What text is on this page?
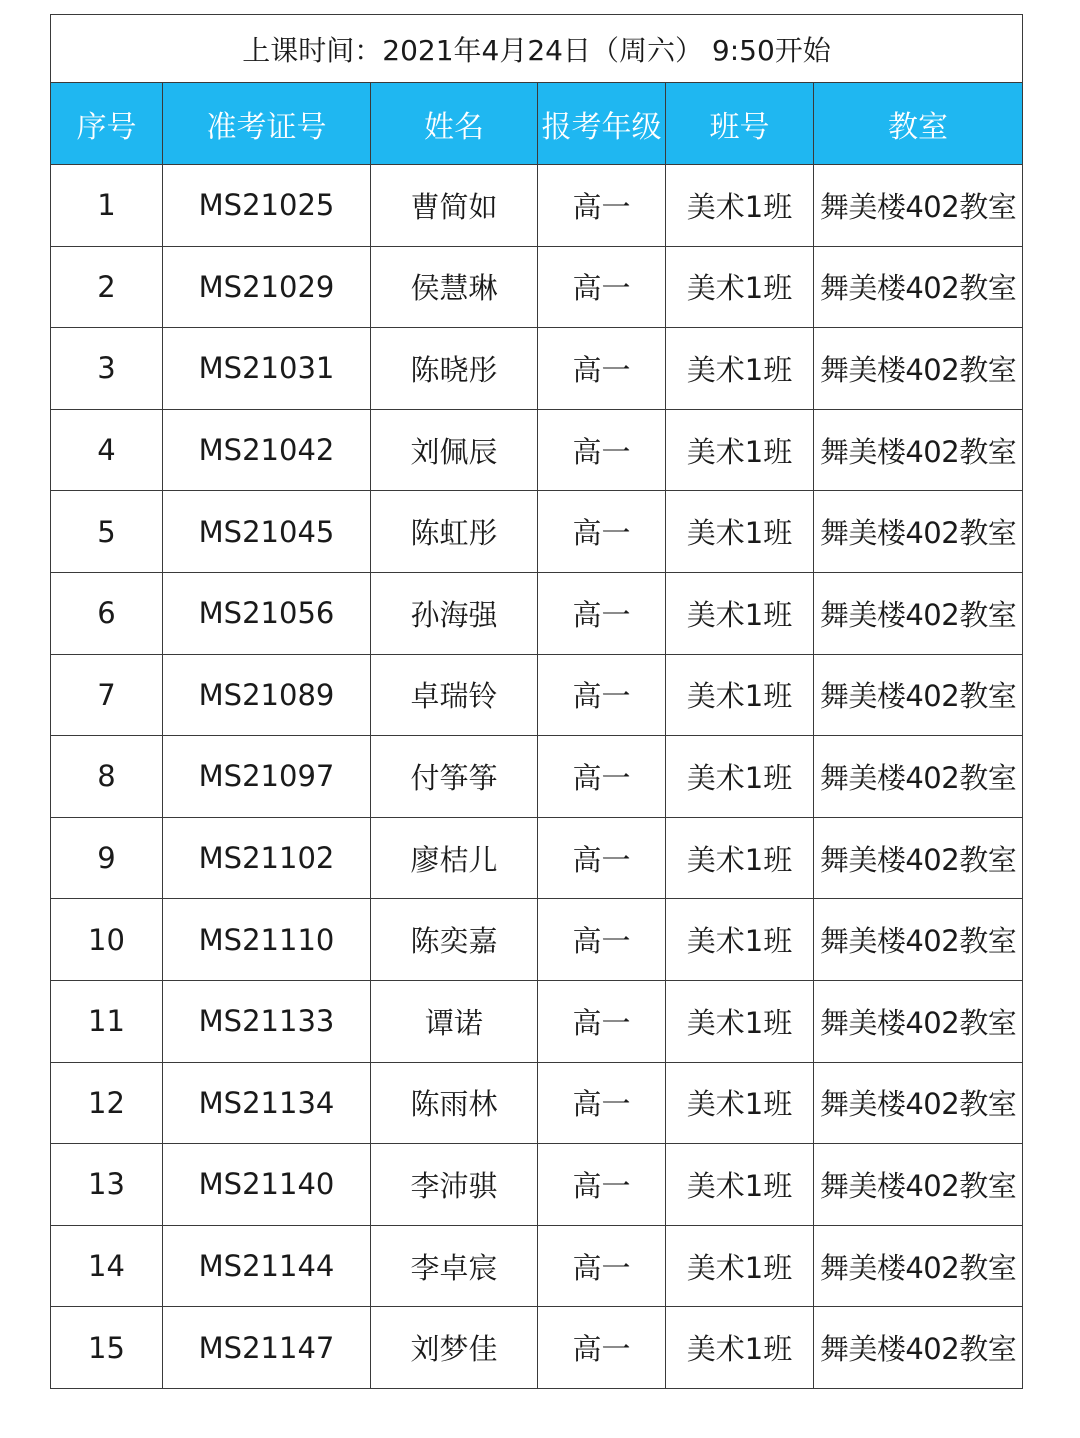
上课时间：2021年4月24日（周六） 9:50开始					
序号	准考证号	姓名	报考年级	班号	教室
1	MS21025	曹简如	高一	美术1班	舞美楼402教室
2	MS21029	侯慧琳	高一	美术1班	舞美楼402教室
3	MS21031	陈晓彤	高一	美术1班	舞美楼402教室
4	MS21042	刘佩辰	高一	美术1班	舞美楼402教室
5	MS21045	陈虹彤	高一	美术1班	舞美楼402教室
6	MS21056	孙海强	高一	美术1班	舞美楼402教室
7	MS21089	卓瑞铃	高一	美术1班	舞美楼402教室
8	MS21097	付筝筝	高一	美术1班	舞美楼402教室
9	MS21102	廖桔儿	高一	美术1班	舞美楼402教室
10	MS21110	陈奕嘉	高一	美术1班	舞美楼402教室
11	MS21133	谭诺	高一	美术1班	舞美楼402教室
12	MS21134	陈雨林	高一	美术1班	舞美楼402教室
13	MS21140	李沛骐	高一	美术1班	舞美楼402教室
14	MS21144	李卓宸	高一	美术1班	舞美楼402教室
15	MS21147	刘梦佳	高一	美术1班	舞美楼402教室
